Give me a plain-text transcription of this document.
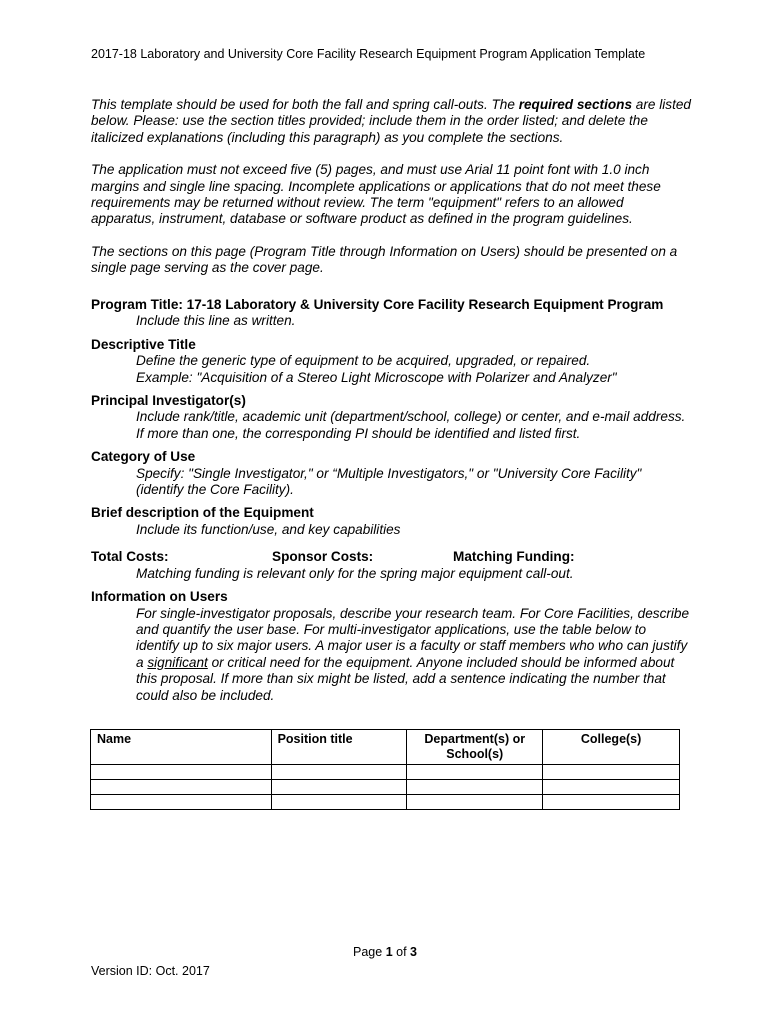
2017-18 Laboratory and University Core Facility Research Equipment Program Application Template

This template should be used for both the fall and spring call-outs. The required sections are listed below. Please: use the section titles provided; include them in the order listed; and delete the italicized explanations (including this paragraph) as you complete the sections.

The application must not exceed five (5) pages, and must use Arial 11 point font with 1.0 inch margins and single line spacing. Incomplete applications or applications that do not meet these requirements may be returned without review. The term "equipment" refers to an allowed apparatus, instrument, database or software product as defined in the program guidelines.

The sections on this page (Program Title through Information on Users) should be presented on a single page serving as the cover page.

Program Title: 17-18 Laboratory & University Core Facility Research Equipment Program
Include this line as written.
Descriptive Title
Define the generic type of equipment to be acquired, upgraded, or repaired.
Example: "Acquisition of a Stereo Light Microscope with Polarizer and Analyzer"
Principal Investigator(s)
Include rank/title, academic unit (department/school, college) or center, and e-mail address. If more than one, the corresponding PI should be identified and listed first.
Category of Use
Specify: "Single Investigator," or “Multiple Investigators," or "University Core Facility" (identify the Core Facility).
Brief description of the Equipment
Include its function/use, and key capabilities
Total Costs:	Sponsor Costs:	Matching Funding:
Matching funding is relevant only for the spring major equipment call-out.
Information on Users
For single-investigator proposals, describe your research team. For Core Facilities, describe and quantify the user base. For multi-investigator applications, use the table below to identify up to six major users. A major user is a faculty or staff members who who can justify a significant or critical need for the equipment. Anyone included should be informed about this proposal. If more than six might be listed, add a sentence indicating the number that could also be included.
Name	Position title	Department(s) or School(s)	College(s)

Page 1 of 3
Version ID: Oct. 2017
